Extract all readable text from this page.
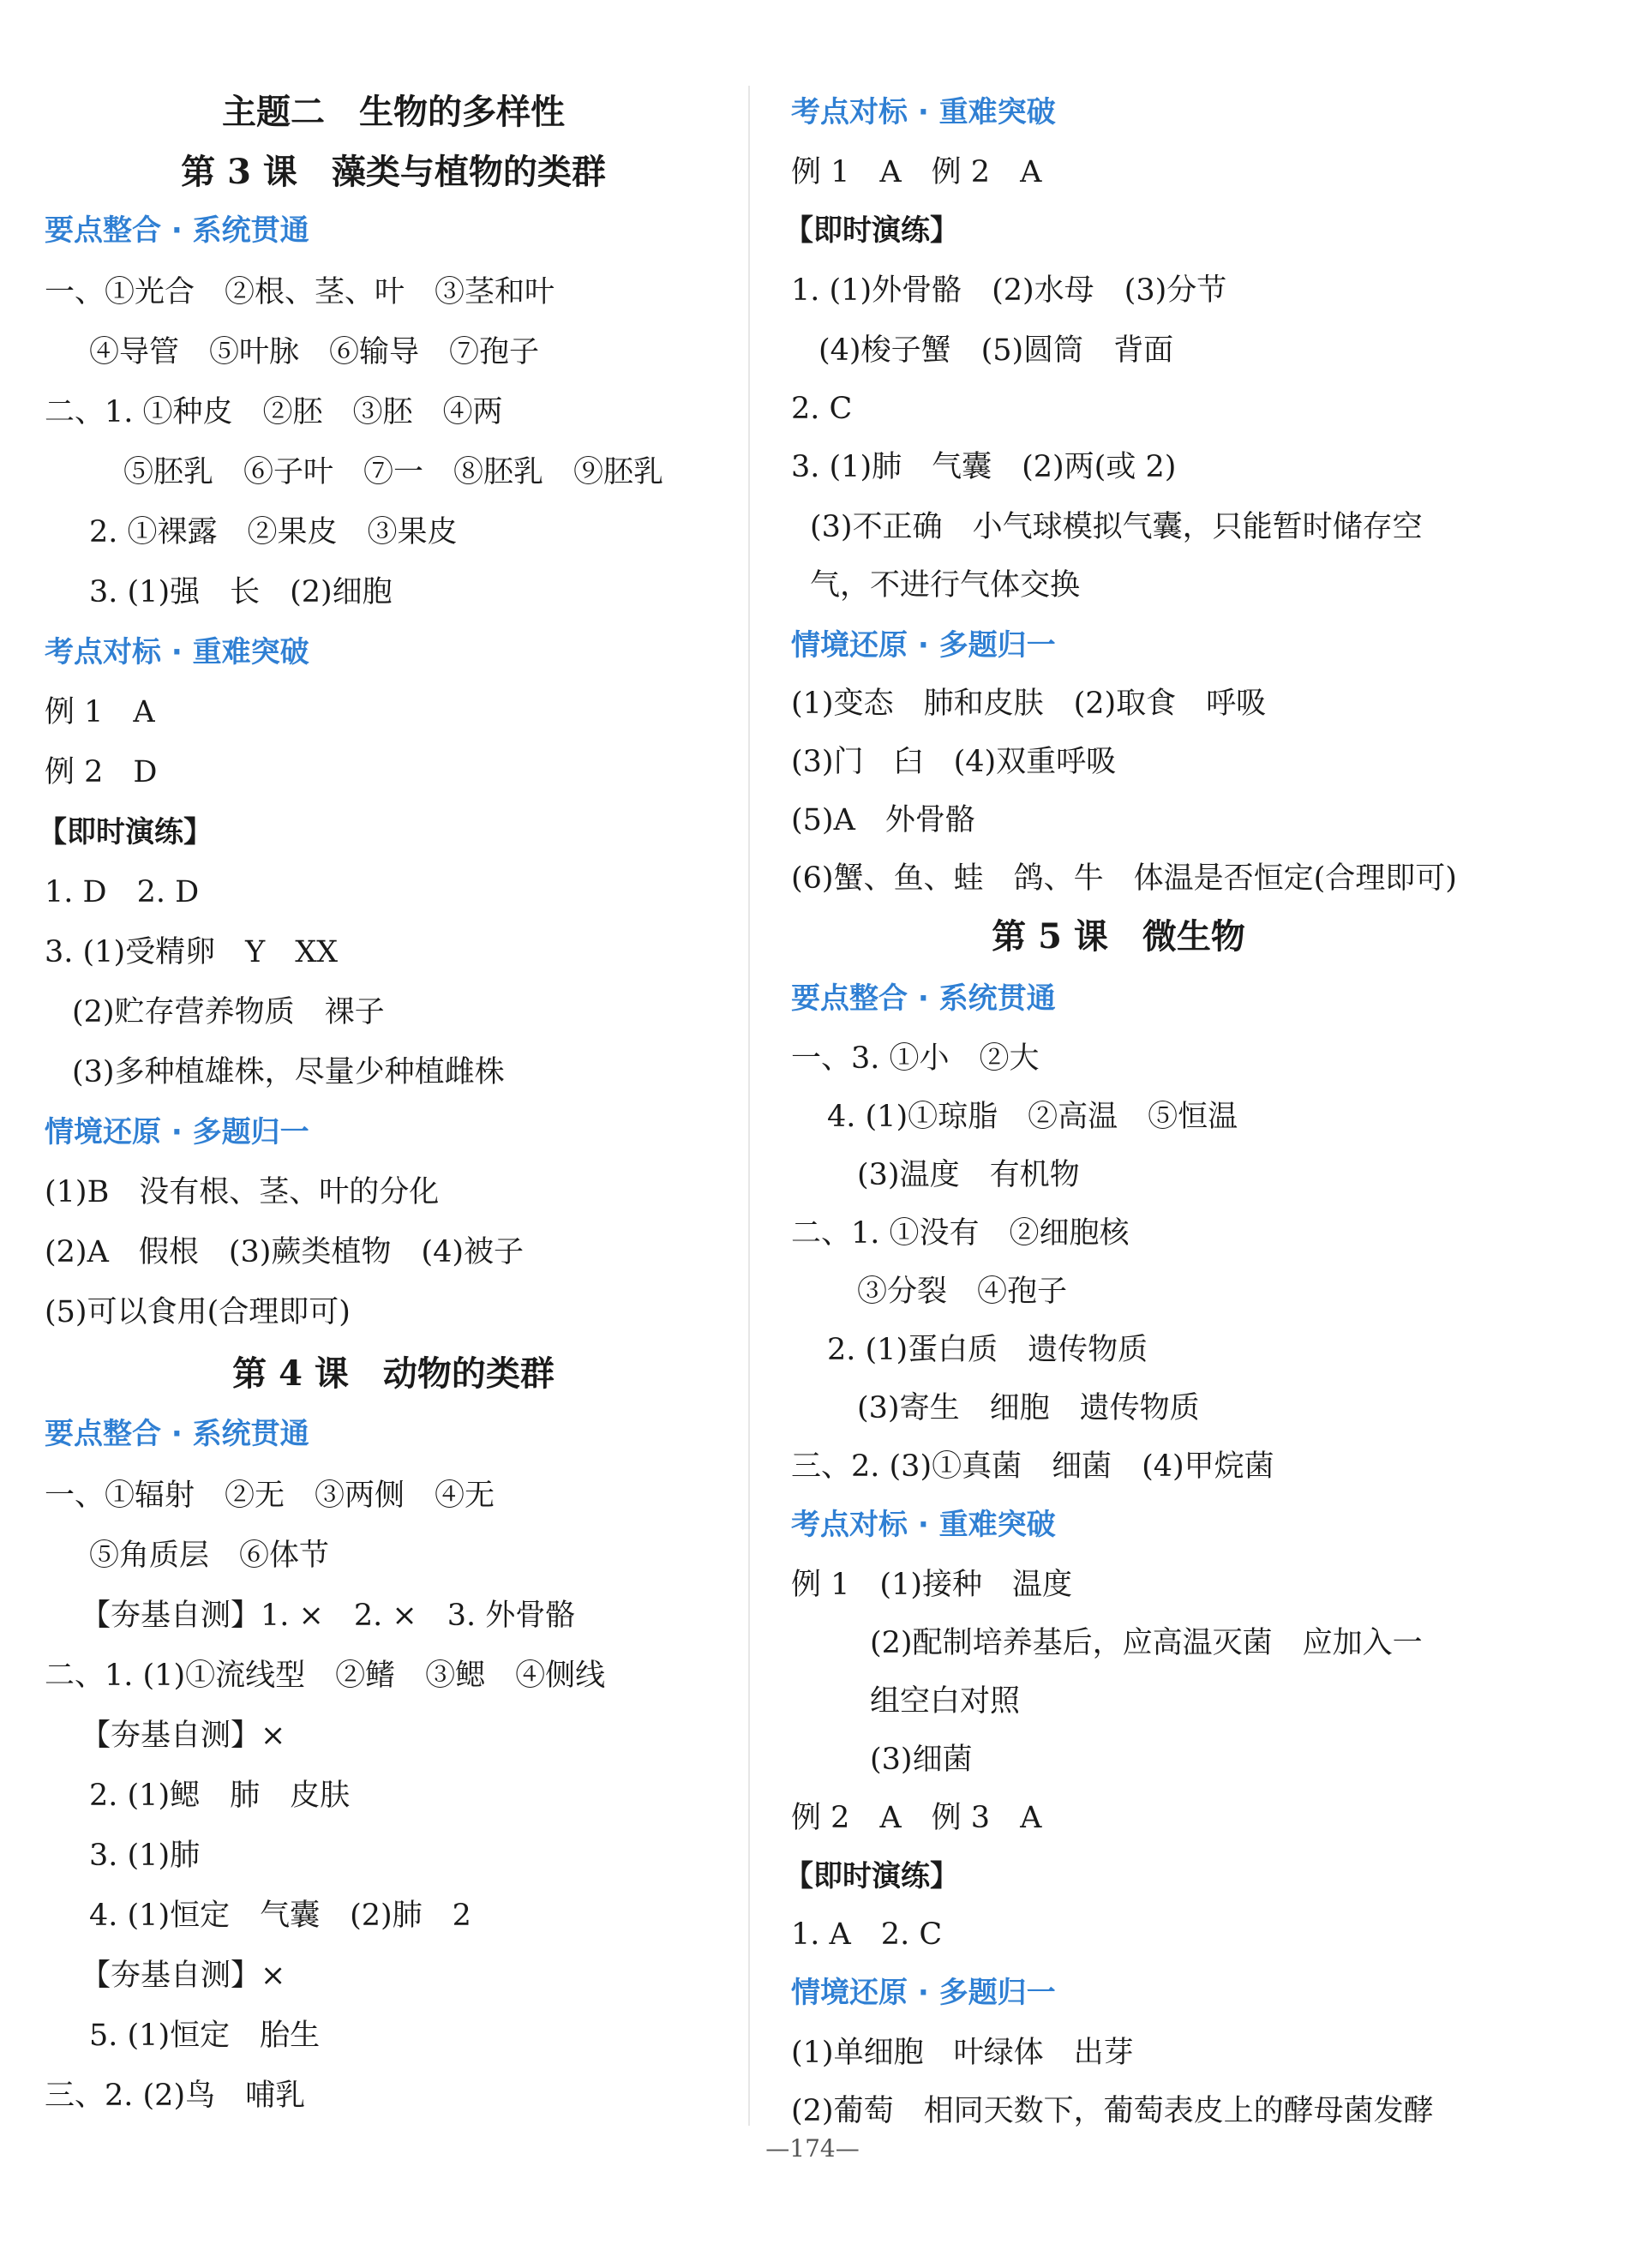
主题二　生物的多样性
第 3 课　藻类与植物的类群
要点整合 · 系统贯通
一、①光合　②根、茎、叶　③茎和叶
④导管　⑤叶脉　⑥输导　⑦孢子
二、1. ①种皮　②胚　③胚　④两
⑤胚乳　⑥子叶　⑦一　⑧胚乳　⑨胚乳
2. ①裸露　②果皮　③果皮
3. (1)强　长　(2)细胞
考点对标 · 重难突破
例 1　A
例 2　D
【即时演练】
1. D　2. D
3. (1)受精卵　Y　XX
(2)贮存营养物质　裸子
(3)多种植雄株，尽量少种植雌株
情境还原 · 多题归一
(1)B　没有根、茎、叶的分化
(2)A　假根　(3)蕨类植物　(4)被子
(5)可以食用(合理即可)
第 4 课　动物的类群
要点整合 · 系统贯通
一、①辐射　②无　③两侧　④无
⑤角质层　⑥体节
【夯基自测】1. ×　2. ×　3. 外骨骼
二、1. (1)①流线型　②鳍　③鳃　④侧线
【夯基自测】×
2. (1)鳃　肺　皮肤
3. (1)肺
4. (1)恒定　气囊　(2)肺　2
【夯基自测】×
5. (1)恒定　胎生
三、2. (2)鸟　哺乳
考点对标 · 重难突破
例 1　A　例 2　A
【即时演练】
1. (1)外骨骼　(2)水母　(3)分节
(4)梭子蟹　(5)圆筒　背面
2. C
3. (1)肺　气囊　(2)两(或 2)
(3)不正确　小气球模拟气囊，只能暂时储存空
气，不进行气体交换
情境还原 · 多题归一
(1)变态　肺和皮肤　(2)取食　呼吸
(3)门　臼　(4)双重呼吸
(5)A　外骨骼
(6)蟹、鱼、蛙　鸽、牛　体温是否恒定(合理即可)
第 5 课　微生物
要点整合 · 系统贯通
一、3. ①小　②大
4. (1)①琼脂　②高温　⑤恒温
(3)温度　有机物
二、1. ①没有　②细胞核
③分裂　④孢子
2. (1)蛋白质　遗传物质
(3)寄生　细胞　遗传物质
三、2. (3)①真菌　细菌　(4)甲烷菌
考点对标 · 重难突破
例 1　(1)接种　温度
(2)配制培养基后，应高温灭菌　应加入一
组空白对照
(3)细菌
例 2　A　例 3　A
【即时演练】
1. A　2. C
情境还原 · 多题归一
(1)单细胞　叶绿体　出芽
(2)葡萄　相同天数下，葡萄表皮上的酵母菌发酵
—174—
